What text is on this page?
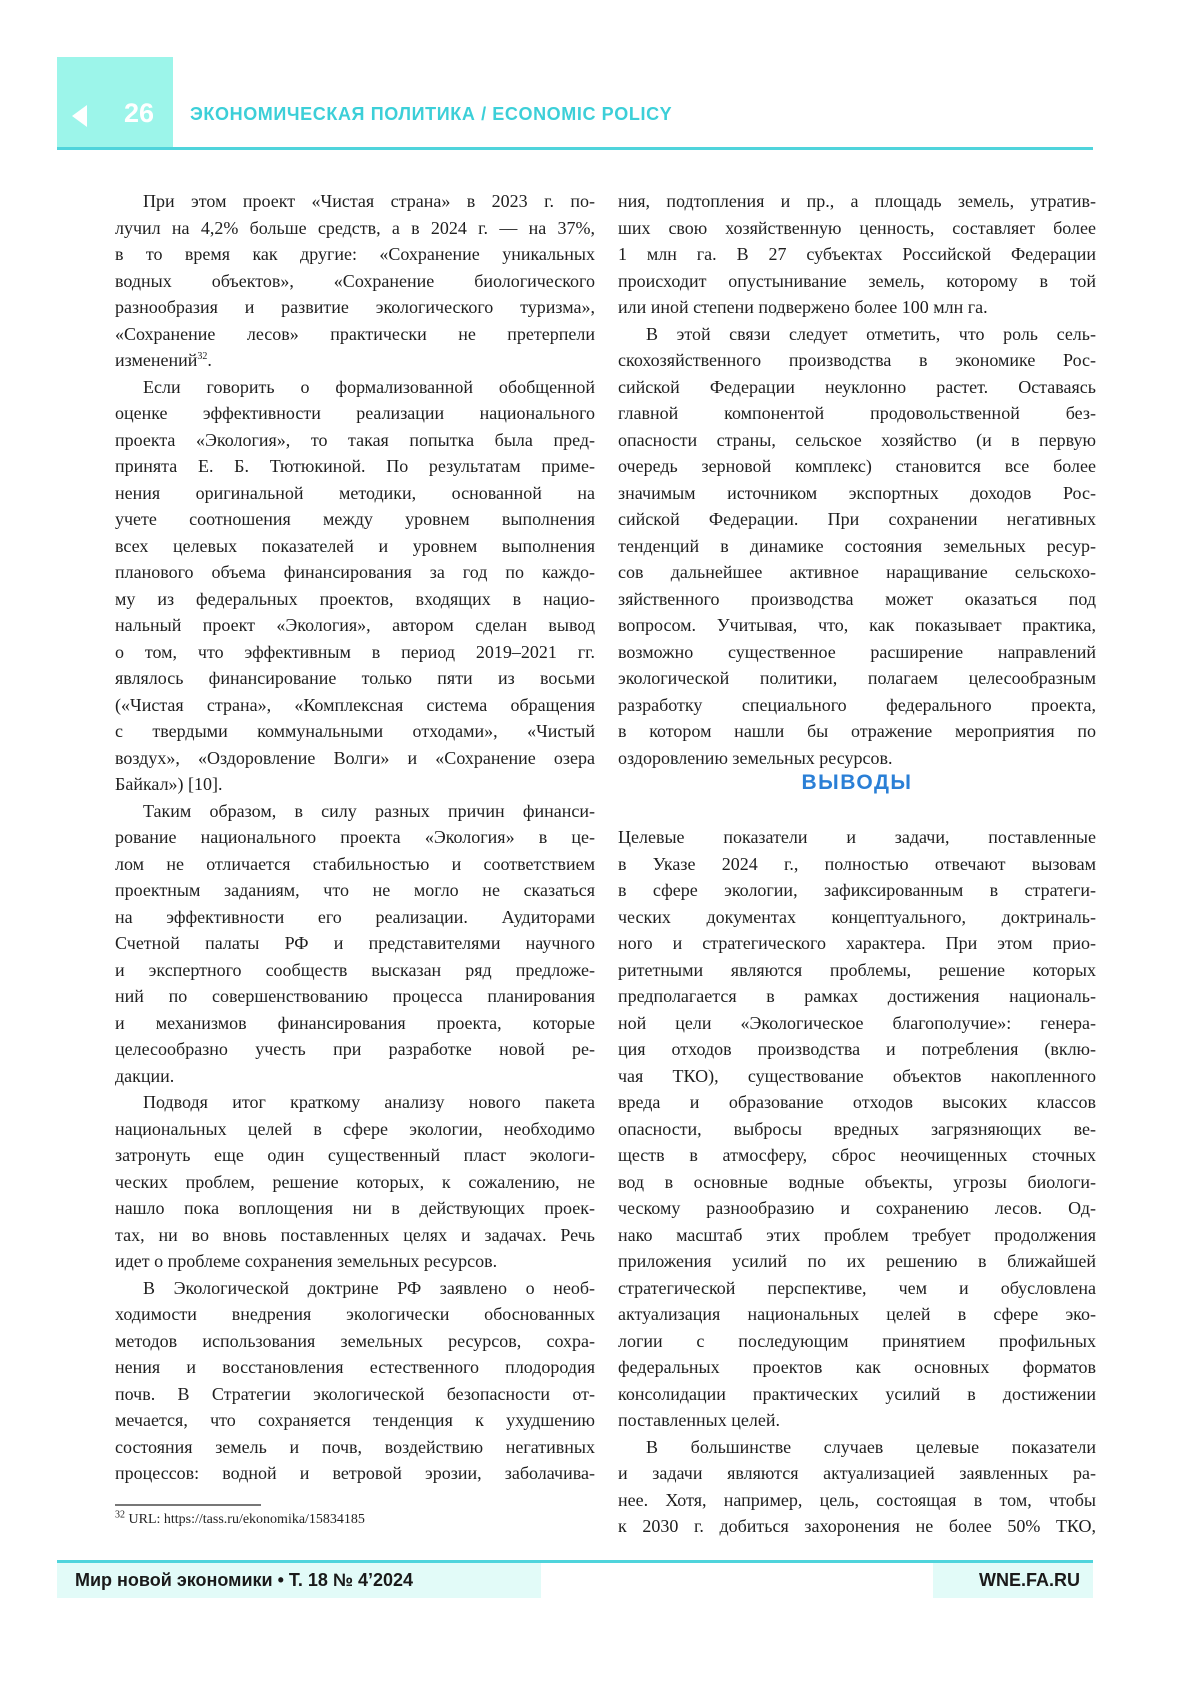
26 ЭКОНОМИЧЕСКАЯ ПОЛИТИКА / ECONOMIC POLICY
При этом проект «Чистая страна» в 2023 г. по-
лучил на 4,2% больше средств, а в 2024 г. — на 37%,
в то время как другие: «Сохранение уникальных
водных объектов», «Сохранение биологического
разнообразия и развитие экологического туризма»,
«Сохранение лесов» практически не претерпели
изменений32.
Если говорить о формализованной обобщенной
оценке эффективности реализации национального
проекта «Экология», то такая попытка была пред-
принята Е. Б. Тютюкиной. По результатам приме-
нения оригинальной методики, основанной на
учете соотношения между уровнем выполнения
всех целевых показателей и уровнем выполнения
планового объема финансирования за год по каждо-
му из федеральных проектов, входящих в нацио-
нальный проект «Экология», автором сделан вывод
о том, что эффективным в период 2019–2021 гг.
являлось финансирование только пяти из восьми
(«Чистая страна», «Комплексная система обращения
с твердыми коммунальными отходами», «Чистый
воздух», «Оздоровление Волги» и «Сохранение озера
Байкал») [10].
Таким образом, в силу разных причин финанси-
рование национального проекта «Экология» в це-
лом не отличается стабильностью и соответствием
проектным заданиям, что не могло не сказаться
на эффективности его реализации. Аудиторами
Счетной палаты РФ и представителями научного
и экспертного сообществ высказан ряд предложе-
ний по совершенствованию процесса планирования
и механизмов финансирования проекта, которые
целесообразно учесть при разработке новой ре-
дакции.
Подводя итог краткому анализу нового пакета
национальных целей в сфере экологии, необходимо
затронуть еще один существенный пласт экологи-
ческих проблем, решение которых, к сожалению, не
нашло пока воплощения ни в действующих проек-
тах, ни во вновь поставленных целях и задачах. Речь
идет о проблеме сохранения земельных ресурсов.
В Экологической доктрине РФ заявлено о необ-
ходимости внедрения экологически обоснованных
методов использования земельных ресурсов, сохра-
нения и восстановления естественного плодородия
почв. В Стратегии экологической безопасности от-
мечается, что сохраняется тенденция к ухудшению
состояния земель и почв, воздействию негативных
процессов: водной и ветровой эрозии, заболачива-
ния, подтопления и пр., а площадь земель, утратив-
ших свою хозяйственную ценность, составляет более
1 млн га. В 27 субъектах Российской Федерации
происходит опустынивание земель, которому в той
или иной степени подвержено более 100 млн га.
В этой связи следует отметить, что роль сель-
скохозяйственного производства в экономике Рос-
сийской Федерации неуклонно растет. Оставаясь
главной компонентой продовольственной без-
опасности страны, сельское хозяйство (и в первую
очередь зерновой комплекс) становится все более
значимым источником экспортных доходов Рос-
сийской Федерации. При сохранении негативных
тенденций в динамике состояния земельных ресур-
сов дальнейшее активное наращивание сельскохо-
зяйственного производства может оказаться под
вопросом. Учитывая, что, как показывает практика,
возможно существенное расширение направлений
экологической политики, полагаем целесообразным
разработку специального федерального проекта,
в котором нашли бы отражение мероприятия по
оздоровлению земельных ресурсов.
ВЫВОДЫ
Целевые показатели и задачи, поставленные
в Указе 2024 г., полностью отвечают вызовам
в сфере экологии, зафиксированным в стратеги-
ческих документах концептуального, доктриналь-
ного и стратегического характера. При этом прио-
ритетными являются проблемы, решение которых
предполагается в рамках достижения националь-
ной цели «Экологическое благополучие»: генера-
ция отходов производства и потребления (вклю-
чая ТКО), существование объектов накопленного
вреда и образование отходов высоких классов
опасности, выбросы вредных загрязняющих ве-
ществ в атмосферу, сброс неочищенных сточных
вод в основные водные объекты, угрозы биологи-
ческому разнообразию и сохранению лесов. Од-
нако масштаб этих проблем требует продолжения
приложения усилий по их решению в ближайшей
стратегической перспективе, чем и обусловлена
актуализация национальных целей в сфере эко-
логии с последующим принятием профильных
федеральных проектов как основных форматов
консолидации практических усилий в достижении
поставленных целей.
В большинстве случаев целевые показатели
и задачи являются актуализацией заявленных ра-
нее. Хотя, например, цель, состоящая в том, чтобы
к 2030 г. добиться захоронения не более 50% ТКО,
32 URL: https://tass.ru/ekonomika/15834185
Мир новой экономики • Т. 18 № 4’2024	WNE.FA.RU
